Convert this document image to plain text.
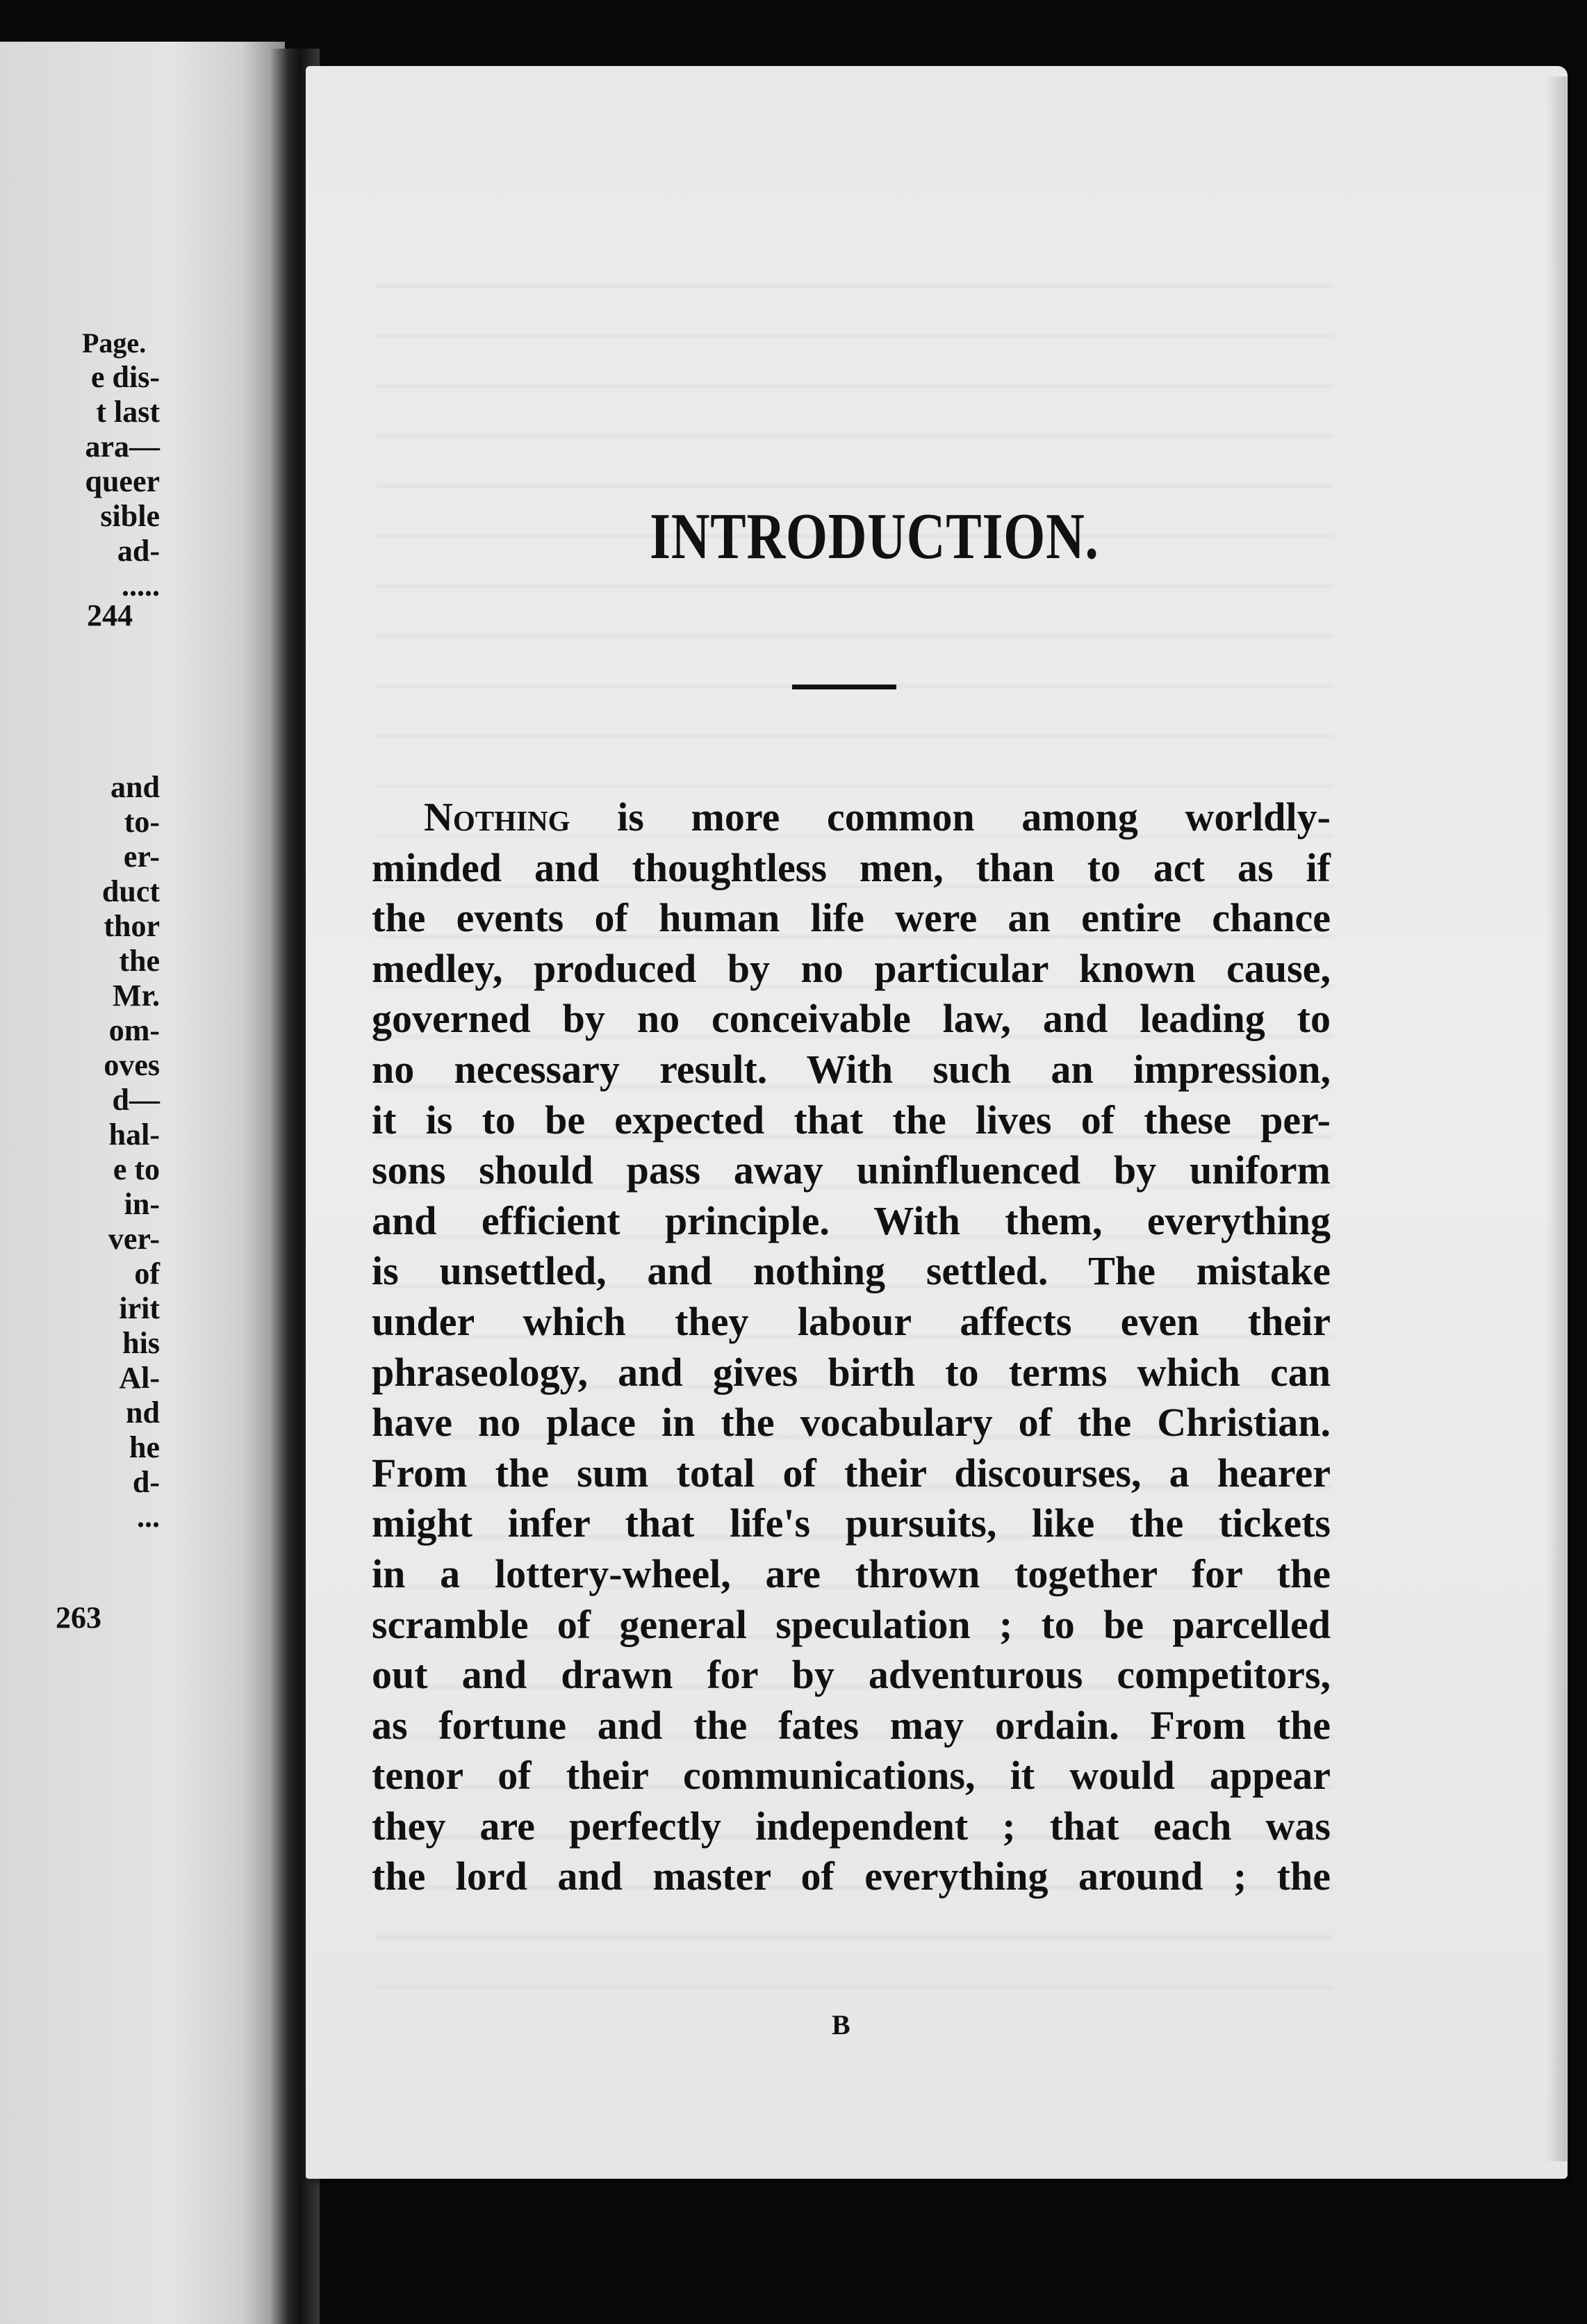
Page.
e dis-
t last
ara—
queer
sible
ad-
.....
244
and
to-
er-
duct
thor
the
Mr.
om-
oves
d—
hal-
e to
in-
ver-
of
irit
his
Al-
nd
he
d-
...
263
INTRODUCTION.
Nothing is more common among worldly-
minded and thoughtless men, than to act as if
the events of human life were an entire chance
medley, produced by no particular known cause,
governed by no conceivable law, and leading to
no necessary result. With such an impression,
it is to be expected that the lives of these per-
sons should pass away uninfluenced by uniform
and efficient principle. With them, everything
is unsettled, and nothing settled. The mistake
under which they labour affects even their
phraseology, and gives birth to terms which can
have no place in the vocabulary of the Christian.
From the sum total of their discourses, a hearer
might infer that life's pursuits, like the tickets
in a lottery-wheel, are thrown together for the
scramble of general speculation ; to be parcelled
out and drawn for by adventurous competitors,
as fortune and the fates may ordain. From the
tenor of their communications, it would appear
they are perfectly independent ; that each was
the lord and master of everything around ; the
B
